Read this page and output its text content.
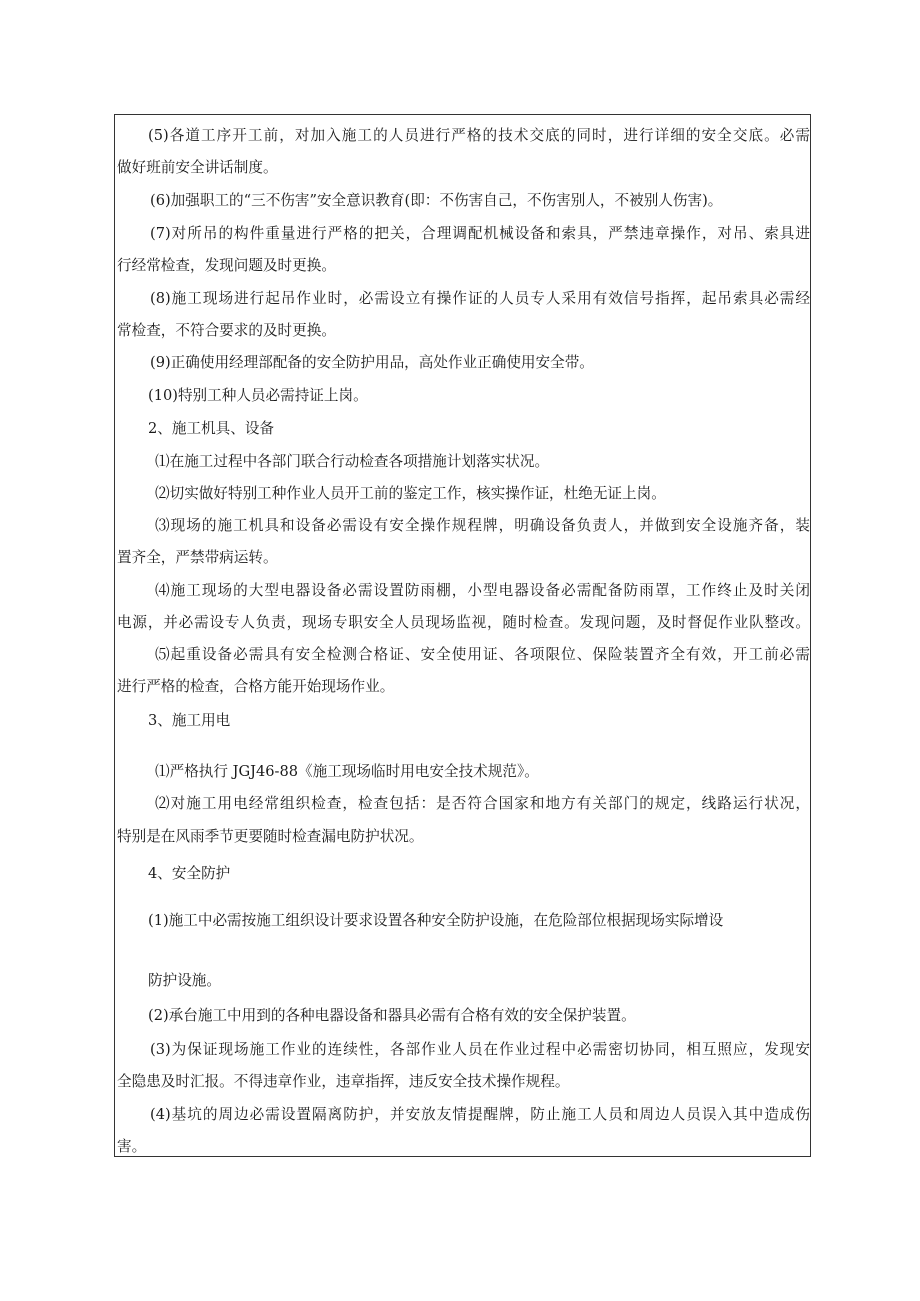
(5)各道工序开工前，对加入施工的人员进行严格的技术交底的同时，进行详细的安全交底。必需
做好班前安全讲话制度。
(6)加强职工的“三不伤害”安全意识教育(即：不伤害自己，不伤害别人，不被别人伤害)。
(7)对所吊的构件重量进行严格的把关，合理调配机械设备和索具，严禁违章操作，对吊、索具进
行经常检查，发现问题及时更换。
(8)施工现场进行起吊作业时，必需设立有操作证的人员专人采用有效信号指挥，起吊索具必需经
常检查，不符合要求的及时更换。
(9)正确使用经理部配备的安全防护用品，高处作业正确使用安全带。
(10)特别工种人员必需持证上岗。
2、施工机具、设备
⑴在施工过程中各部门联合行动检查各项措施计划落实状况。
⑵切实做好特别工种作业人员开工前的鉴定工作，核实操作证，杜绝无证上岗。
⑶现场的施工机具和设备必需设有安全操作规程牌，明确设备负责人，并做到安全设施齐备，装
置齐全，严禁带病运转。
⑷施工现场的大型电器设备必需设置防雨棚，小型电器设备必需配备防雨罩，工作终止及时关闭
电源，并必需设专人负责，现场专职安全人员现场监视，随时检查。发现问题，及时督促作业队整改。
⑸起重设备必需具有安全检测合格证、安全使用证、各项限位、保险装置齐全有效，开工前必需
进行严格的检查，合格方能开始现场作业。
3、施工用电
⑴严格执行 JGJ46-88《施工现场临时用电安全技术规范》。
⑵对施工用电经常组织检查，检查包括：是否符合国家和地方有关部门的规定，线路运行状况，
特别是在风雨季节更要随时检查漏电防护状况。
4、安全防护
(1)施工中必需按施工组织设计要求设置各种安全防护设施，在危险部位根据现场实际增设
防护设施。
(2)承台施工中用到的各种电器设备和器具必需有合格有效的安全保护装置。
(3)为保证现场施工作业的连续性，各部作业人员在作业过程中必需密切协同，相互照应，发现安
全隐患及时汇报。不得违章作业，违章指挥，违反安全技术操作规程。
(4)基坑的周边必需设置隔离防护，并安放友情提醒牌，防止施工人员和周边人员误入其中造成伤
害。
